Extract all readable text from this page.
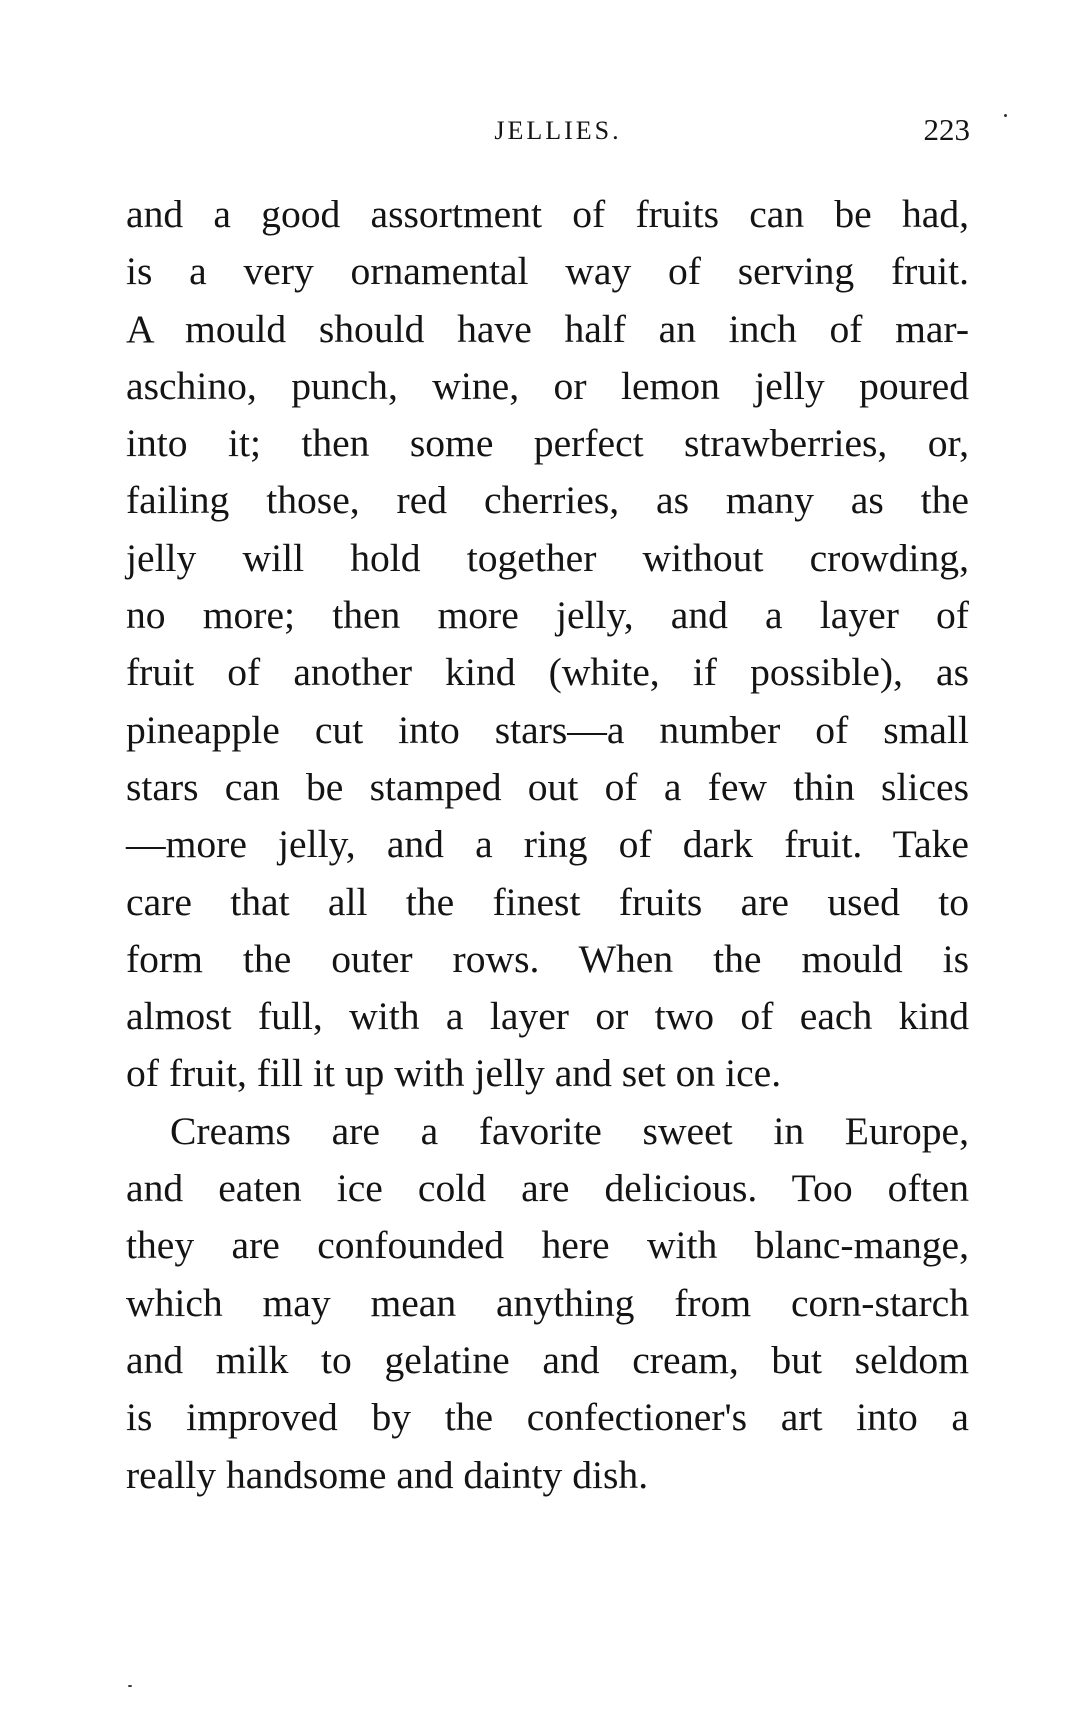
JELLIES.	223
and a good assortment of fruits can be had,
is a very ornamental way of serving fruit.
A mould should have half an inch of mar-
aschino, punch, wine, or lemon jelly poured
into it; then some perfect strawberries, or,
failing those, red cherries, as many as the
jelly will hold together without crowding,
no more; then more jelly, and a layer of
fruit of another kind (white, if possible), as
pineapple cut into stars—a number of small
stars can be stamped out of a few thin slices
—more jelly, and a ring of dark fruit. Take
care that all the finest fruits are used to
form the outer rows. When the mould is
almost full, with a layer or two of each kind
of fruit, fill it up with jelly and set on ice.
Creams are a favorite sweet in Europe,
and eaten ice cold are delicious. Too often
they are confounded here with blanc-mange,
which may mean anything from corn-starch
and milk to gelatine and cream, but seldom
is improved by the confectioner's art into a
really handsome and dainty dish.
